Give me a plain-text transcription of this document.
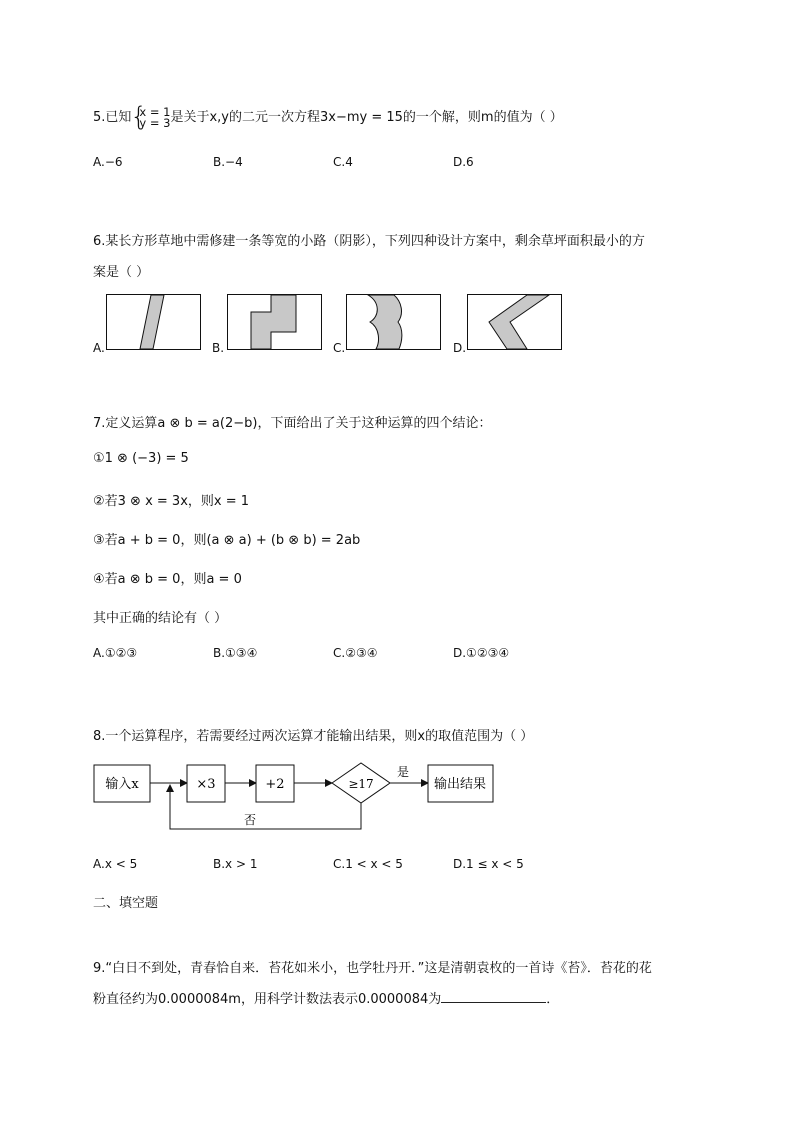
5.已知 {
x = 1
y = 3是关于x,y的二元一次方程3x−my = 15的一个解，则m的值为（ ）
A.−6	B.−4	C.4	D.6
6.某长方形草地中需修建一条等宽的小路（阴影），下列四种设计方案中，剩余草坪面积最小的方
案是（ ）
A.	B.	C.	D.
7.定义运算a ⊗ b = a(2−b)，下面给出了关于这种运算的四个结论：
①1 ⊗ (−3) = 5
②若3 ⊗ x = 3x，则x = 1
③若a + b = 0，则(a ⊗ a) + (b ⊗ b) = 2ab
④若a ⊗ b = 0，则a = 0
其中正确的结论有（ ）
A.①②③	B.①③④	C.②③④	D.①②③④
8.一个运算程序，若需要经过两次运算才能输出结果，则x的取值范围为（ ）
输入x	×3	+2	≥17
是
输出结果
否
A.x < 5	B.x > 1	C.1 < x < 5	D.1 ≤ x < 5
二、填空题
9.“白日不到处，青春恰自来．苔花如米小，也学牡丹开．”这是清朝袁枚的一首诗《苔》．苔花的花
粉直径约为0.0000084m，用科学计数法表示0.0000084为	．
